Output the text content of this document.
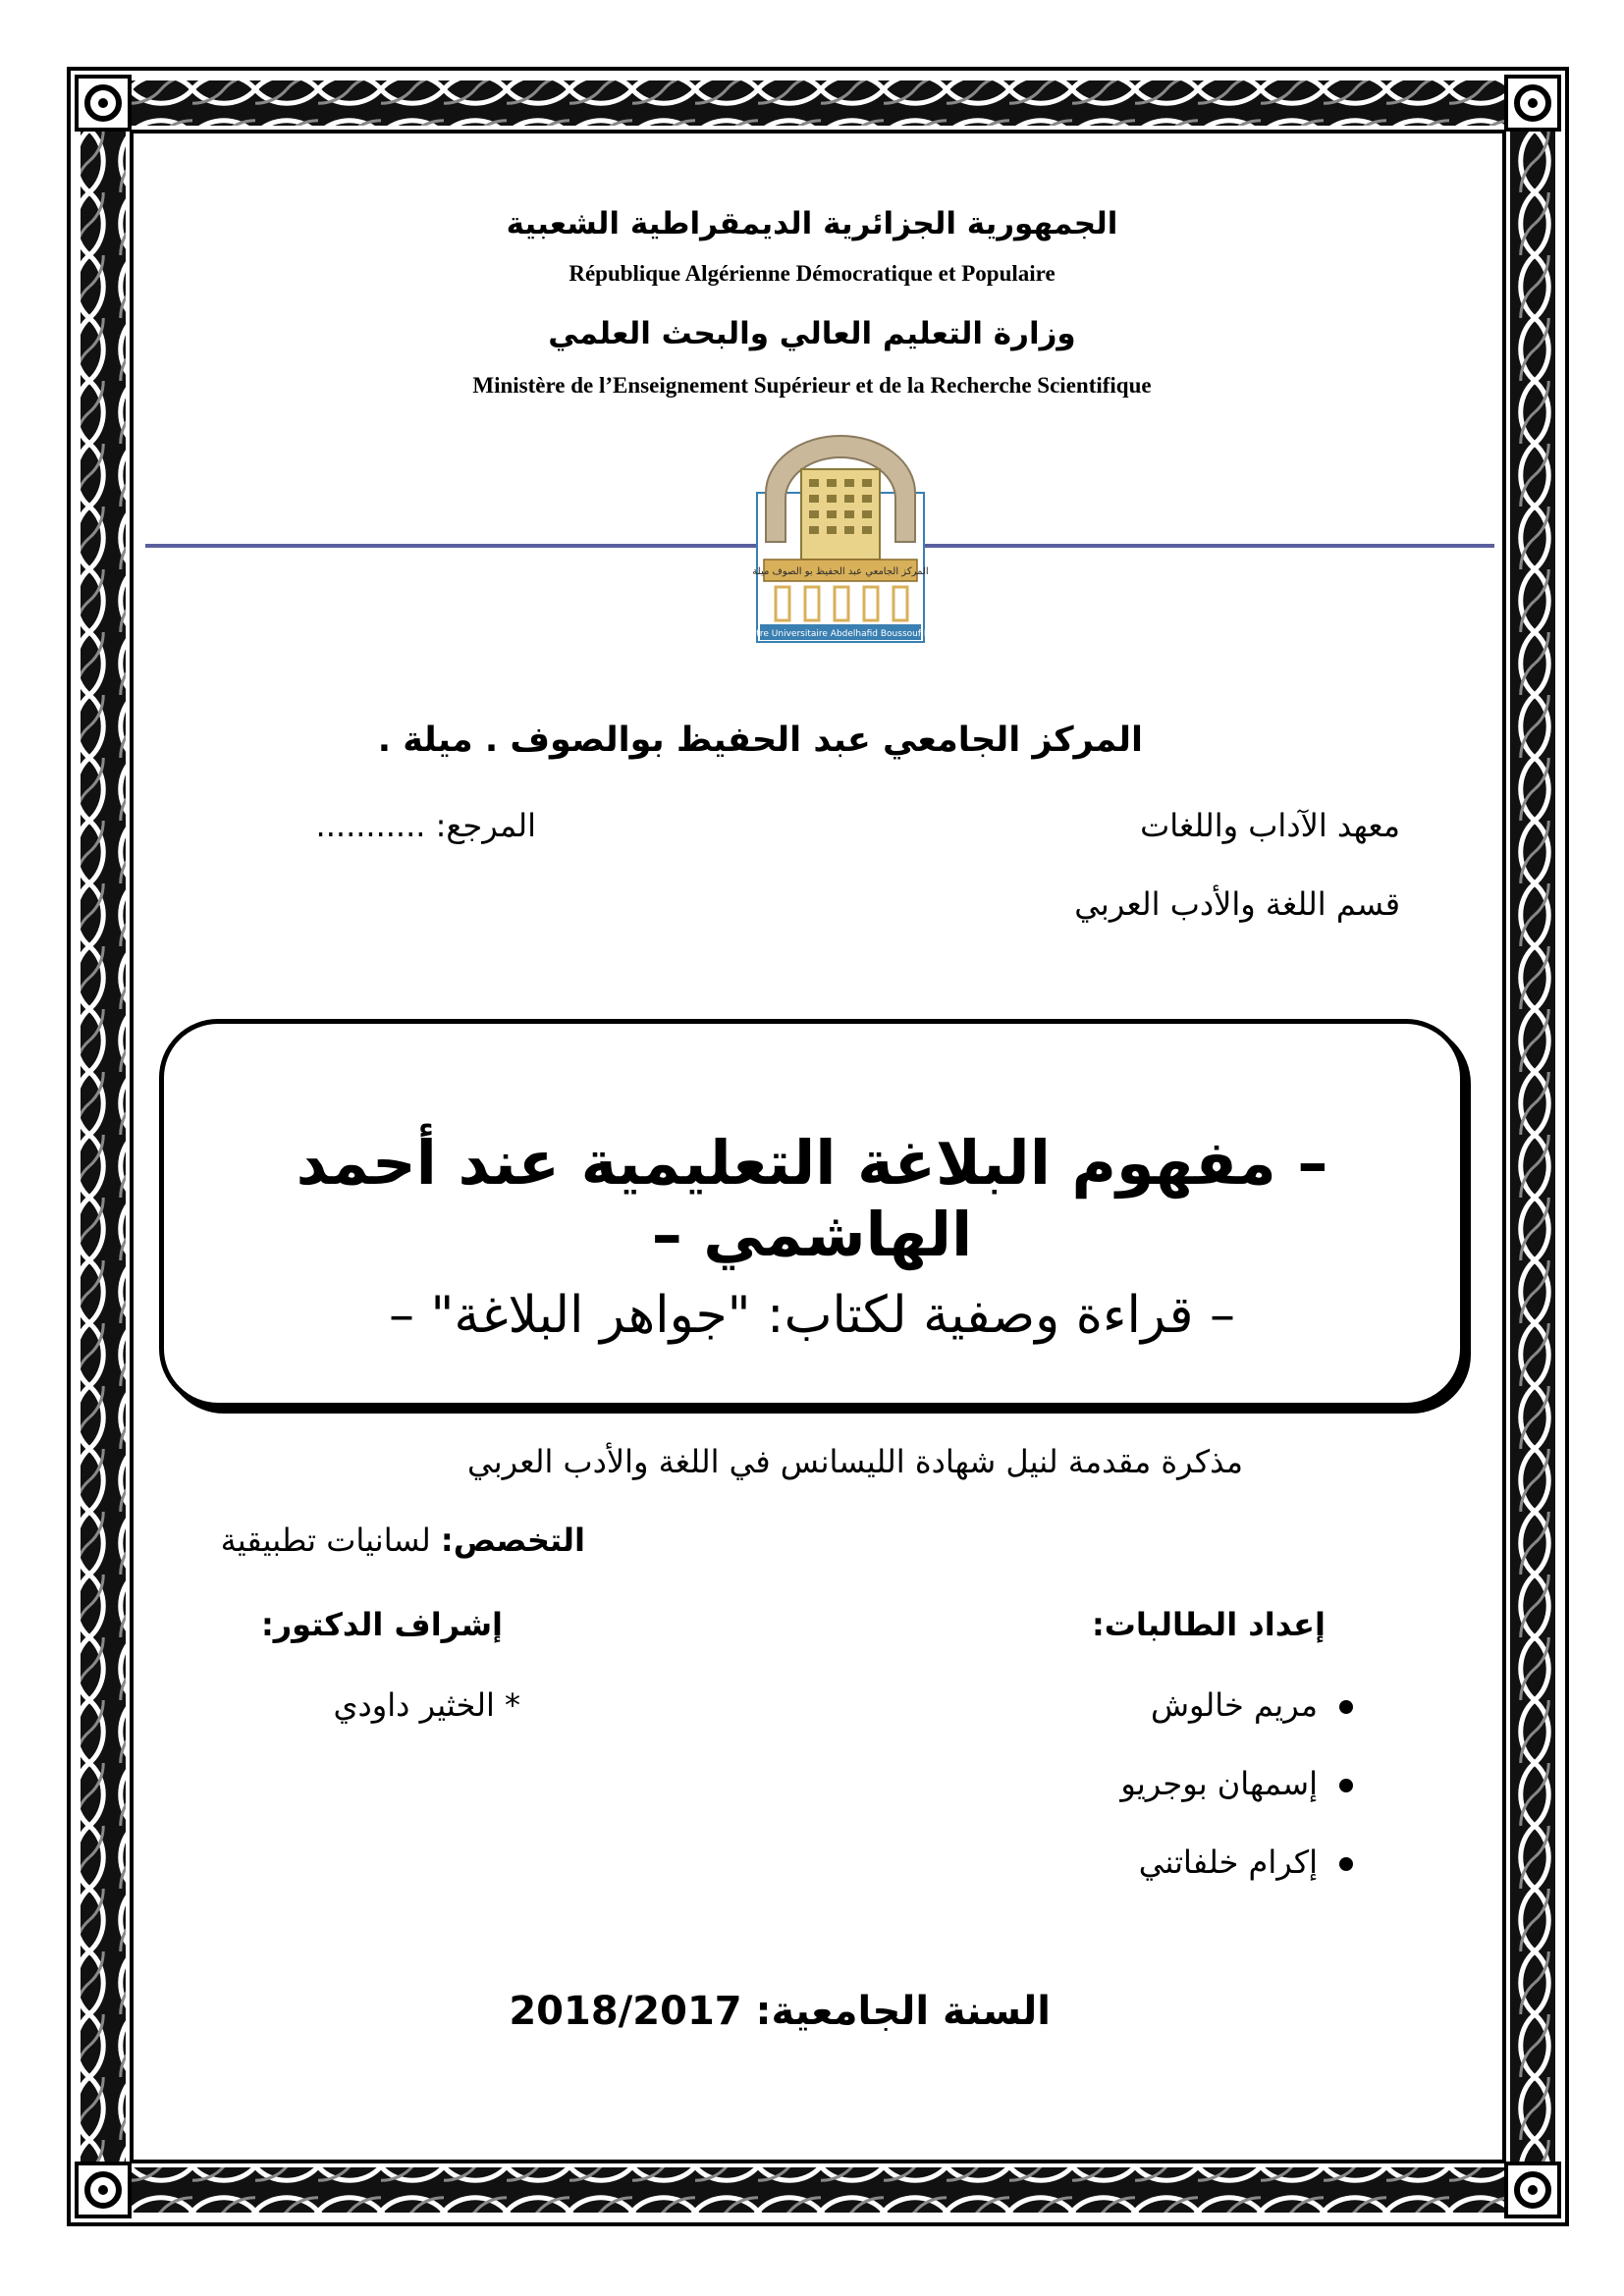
الجمهورية الجزائرية الديمقراطية الشعبية
République Algérienne Démocratique et Populaire
وزارة التعليم العالي والبحث العلمي
Ministère de l’Enseignement Supérieur et de la Recherche Scientifique
المركز الجامعي عبد الحفيظ بو الصوف ميلة
Centre Universitaire Abdelhafid Boussouf Mila
المركز الجامعي عبد الحفيظ بوالصوف . ميلة .
معهد الآداب واللغات
المرجع: ...........
قسم اللغة والأدب العربي
– مفهوم البلاغة التعليمية عند أحمد الهاشمي –
– قراءة وصفية لكتاب: "جواهر البلاغة" –
مذكرة مقدمة لنيل شهادة الليسانس في اللغة والأدب العربي
التخصص: لسانيات تطبيقية
إعداد الطالبات:
مريم خالوش
إسمهان بوجريو
إكرام خلفاتني
إشراف الدكتور:
* الخثير داودي
السنة الجامعية: 2018/2017
